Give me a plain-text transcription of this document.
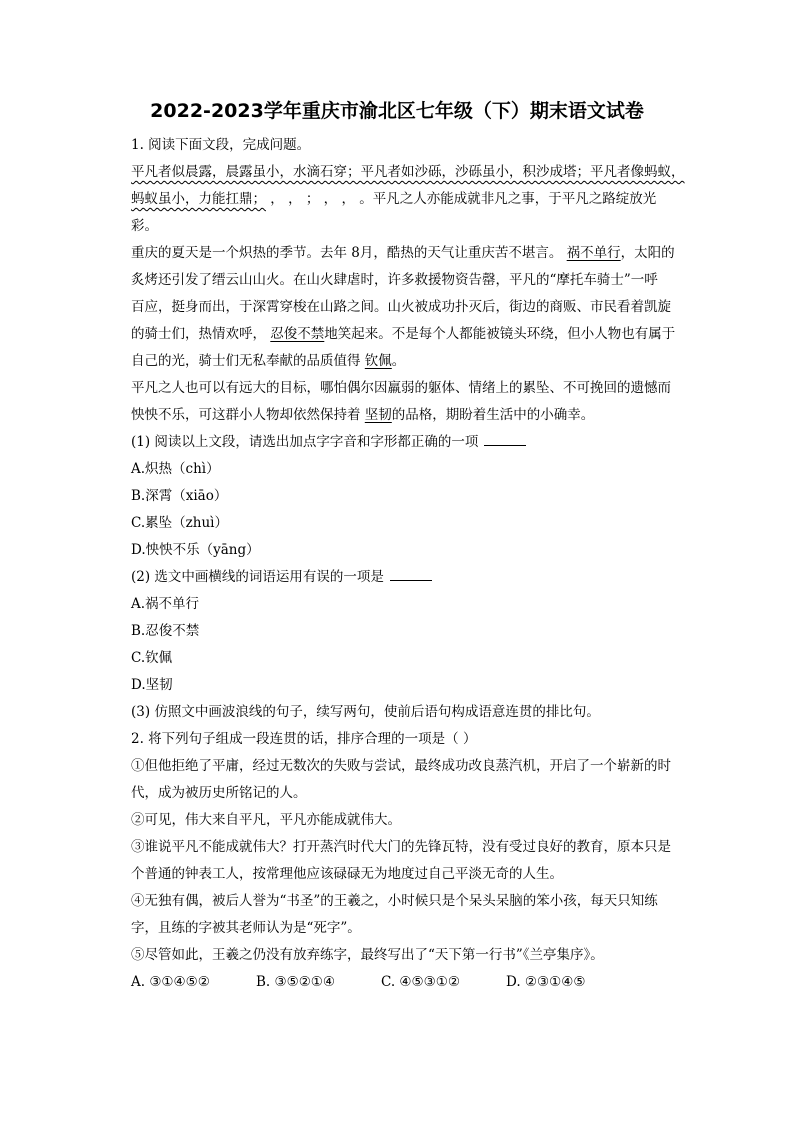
2022-2023学年重庆市渝北区七年级（下）期末语文试卷
1. 阅读下面文段，完成问题。
平凡者似晨露，晨露虽小，水滴石穿；平凡者如沙砾，沙砾虽小，积沙成塔；平凡者像蚂蚁，
蚂蚁虽小，力能扛鼎； ， ， ； ， ， 。平凡之人亦能成就非凡之事，于平凡之路绽放光
彩。
重庆的夏天是一个炽热的季节。去年 8月，酷热的天气让重庆苦不堪言。 祸不单行，太阳的
炙烤还引发了缙云山山火。在山火肆虐时，许多救援物资告罄，平凡的“摩托车骑士”一呼
百应，挺身而出，于深霄穿梭在山路之间。山火被成功扑灭后，街边的商贩、市民看着凯旋
的骑士们，热情欢呼， 忍俊不禁地笑起来。不是每个人都能被镜头环绕，但小人物也有属于
自己的光，骑士们无私奉献的品质值得 钦佩。
平凡之人也可以有远大的目标，哪怕偶尔因羸弱的躯体、情绪上的累坠、不可挽回的遗憾而
怏怏不乐，可这群小人物却依然保持着 坚韧的品格，期盼着生活中的小确幸。
(1) 阅读以上文段，请选出加点字字音和字形都正确的一项
A.炽热（chì）
B.深霄（xiāo）
C.累坠（zhuì）
D.怏怏不乐（yāng）
(2) 选文中画横线的词语运用有误的一项是
A.祸不单行
B.忍俊不禁
C.钦佩
D.坚韧
(3) 仿照文中画波浪线的句子，续写两句，使前后语句构成语意连贯的排比句。
2. 将下列句子组成一段连贯的话，排序合理的一项是（ ）
①但他拒绝了平庸，经过无数次的失败与尝试，最终成功改良蒸汽机，开启了一个崭新的时
代，成为被历史所铭记的人。
②可见，伟大来自平凡，平凡亦能成就伟大。
③谁说平凡不能成就伟大？打开蒸汽时代大门的先锋瓦特，没有受过良好的教育，原本只是
个普通的钟表工人，按常理他应该碌碌无为地度过自己平淡无奇的人生。
④无独有偶，被后人誉为“书圣”的王羲之，小时候只是个呆头呆脑的笨小孩，每天只知练
字，且练的字被其老师认为是“死字”。
⑤尽管如此，王羲之仍没有放弃练字，最终写出了“天下第一行书”《兰亭集序》。
A. ③①④⑤②	B. ③⑤②①④	C. ④⑤③①②	D. ②③①④⑤
